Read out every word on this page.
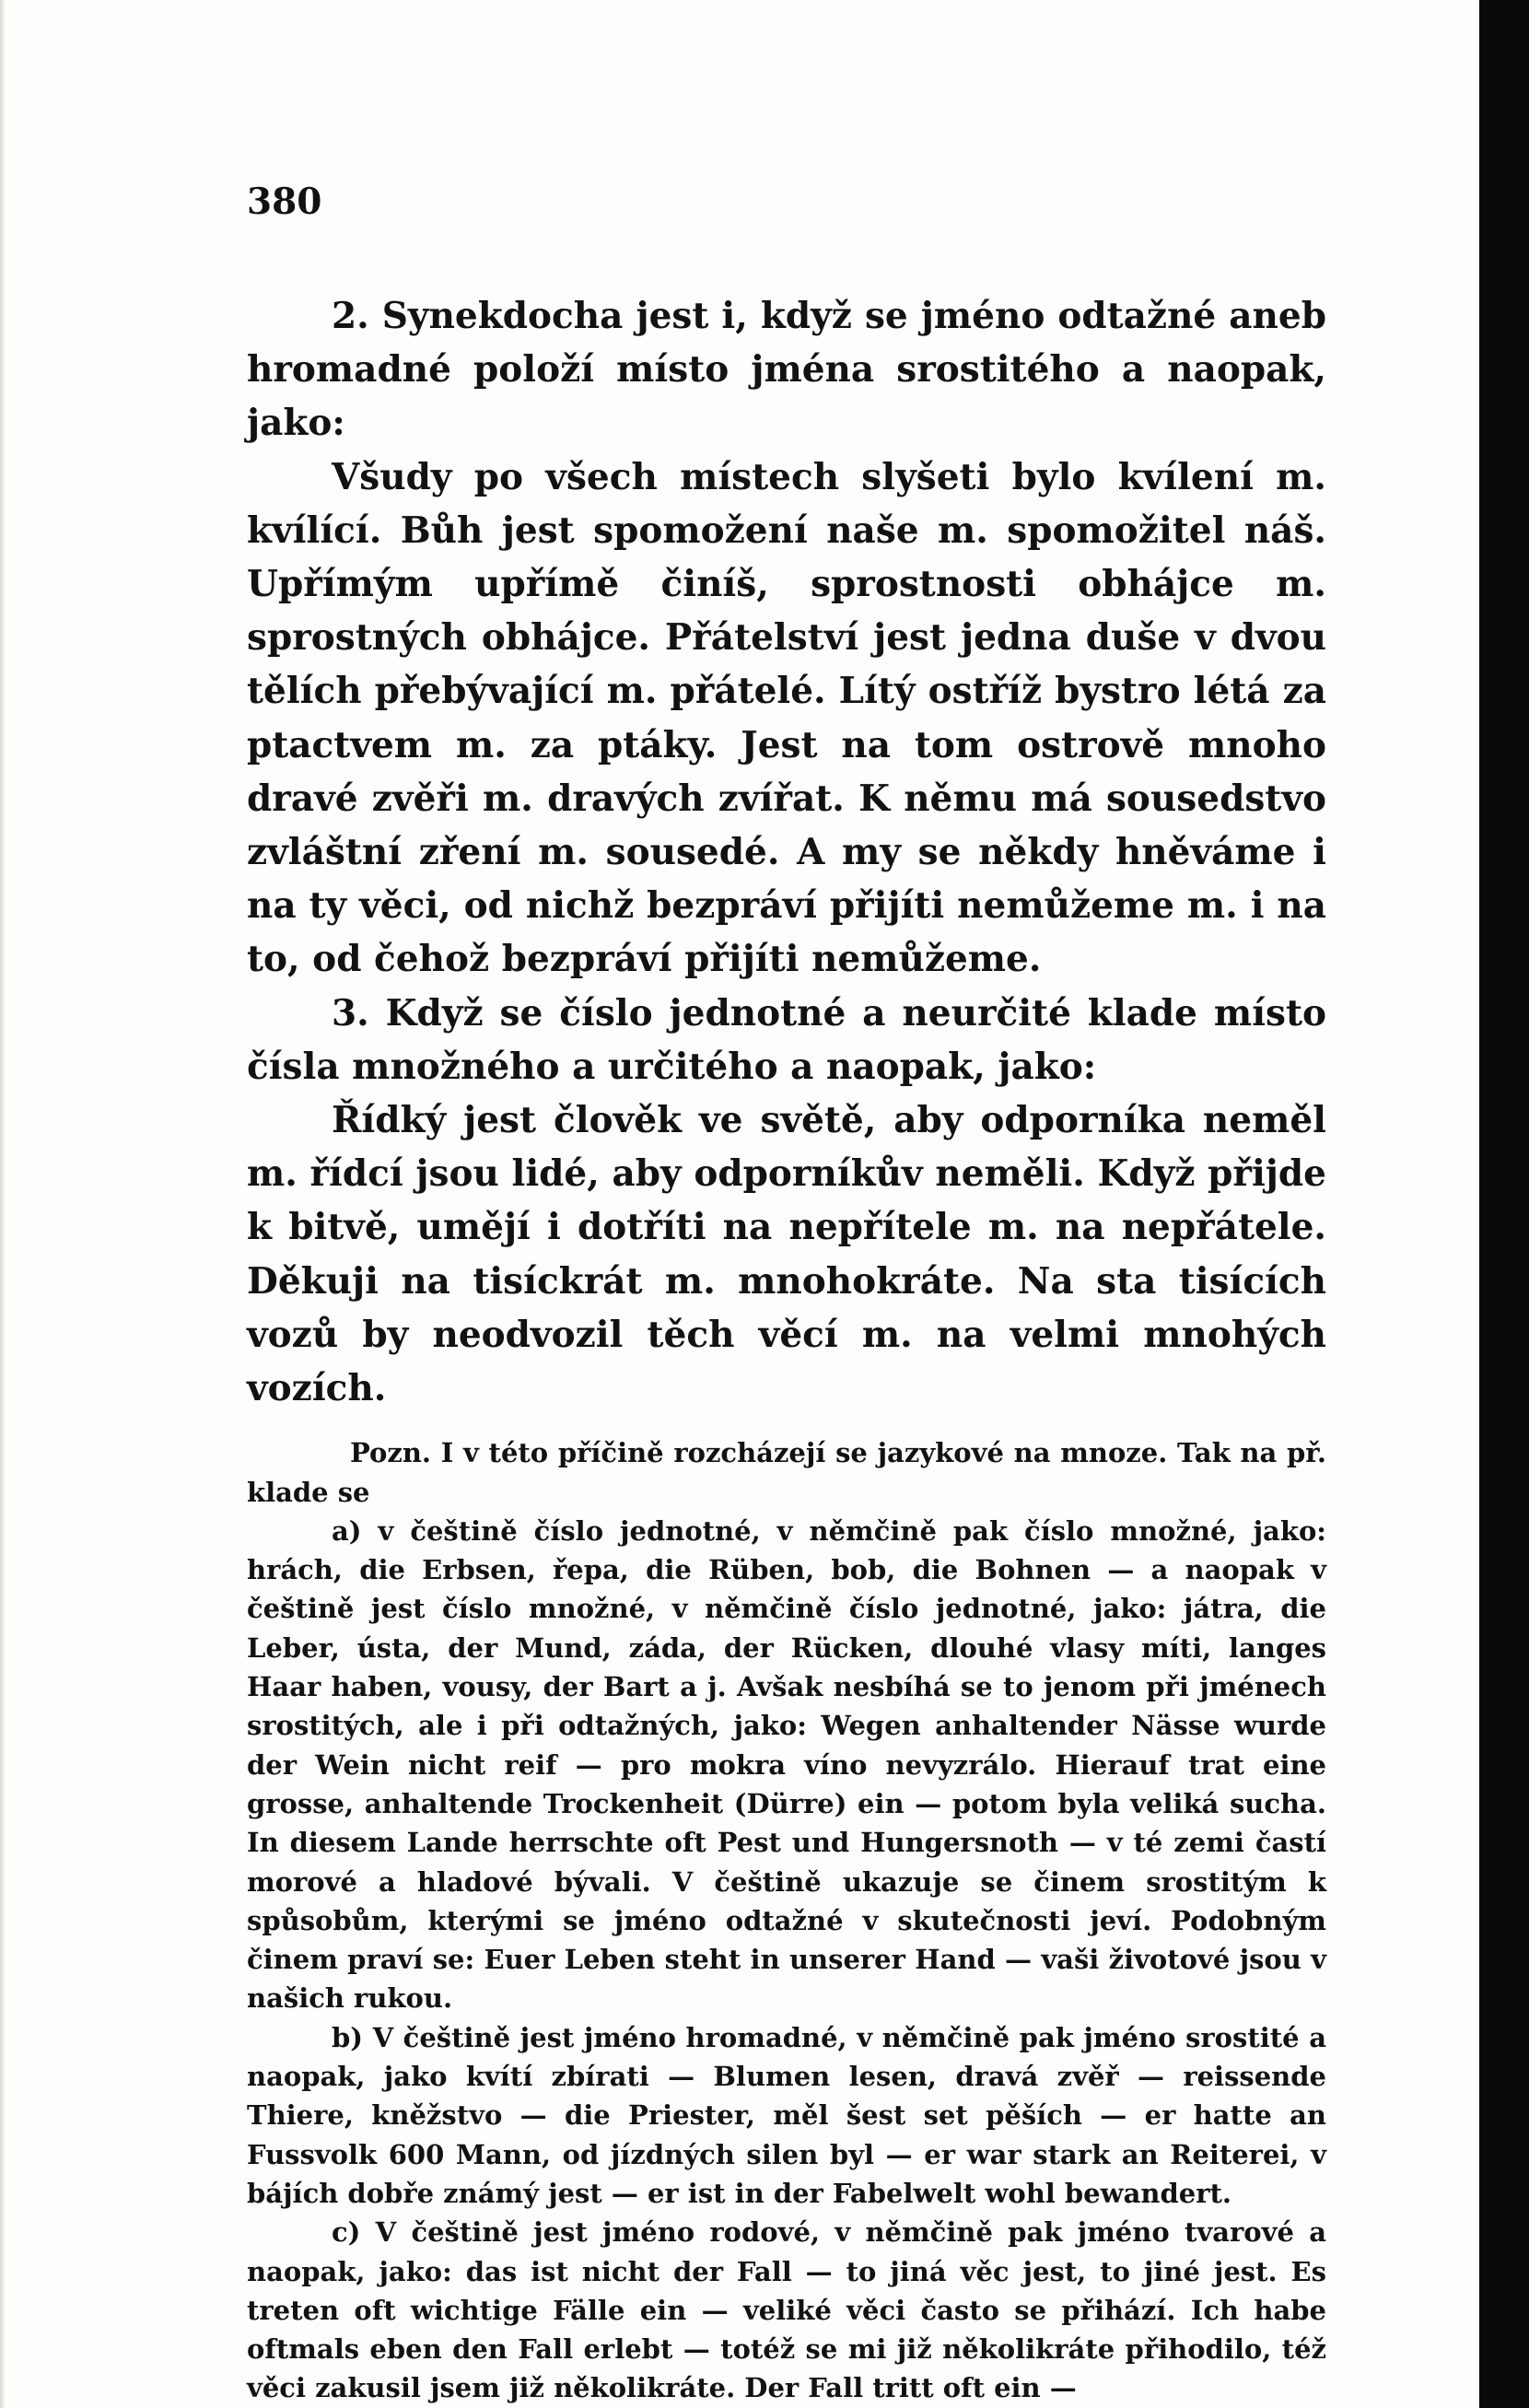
380

2. Synekdocha jest i, když se jméno odtažné aneb hromadné položí místo jména srostitého a naopak, jako:

Všudy po všech místech slyšeti bylo kvílení m. kvílící. Bůh jest spomožení naše m. spomožitel náš. Upřímým upřímě činíš, sprostnosti obhájce m. sprostných obhájce. Přátelství jest jedna duše v dvou tělích přebývající m. přátelé. Lítý ostříž bystro létá za ptactvem m. za ptáky. Jest na tom ostrově mnoho dravé zvěři m. dravých zvířat. K němu má sousedstvo zvláštní zření m. sousedé. A my se někdy hněváme i na ty věci, od nichž bezpráví přijíti nemůžeme m. i na to, od čehož bezpráví přijíti nemůžeme.

3. Když se číslo jednotné a neurčité klade místo čísla množného a určitého a naopak, jako:

Řídký jest člověk ve světě, aby odporníka neměl m. řídcí jsou lidé, aby odporníkův neměli. Když přijde k bitvě, umějí i dotříti na nepřítele m. na nepřátele. Děkuji na tisíckrát m. mnohokráte. Na sta tisících vozů by neodvozil těch věcí m. na velmi mnohých vozích.

Pozn. I v této příčině rozcházejí se jazykové na mnoze. Tak na př. klade se

a) v češtině číslo jednotné, v němčině pak číslo množné, jako: hrách, die Erbsen, řepa, die Rüben, bob, die Bohnen — a naopak v češtině jest číslo množné, v němčině číslo jednotné, jako: játra, die Leber, ústa, der Mund, záda, der Rücken, dlouhé vlasy míti, langes Haar haben, vousy, der Bart a j. Avšak nesbíhá se to jenom při jménech srostitých, ale i při odtažných, jako: Wegen anhaltender Nässe wurde der Wein nicht reif — pro mokra víno nevyzrálo. Hierauf trat eine grosse, anhaltende Trockenheit (Dürre) ein — potom byla veliká sucha. In diesem Lande herrschte oft Pest und Hungersnoth — v té zemi častí morové a hladové bývali. V češtině ukazuje se činem srostitým k spůsobům, kterými se jméno odtažné v skutečnosti jeví. Podobným činem praví se: Euer Leben steht in unserer Hand — vaši životové jsou v našich rukou.

b) V češtině jest jméno hromadné, v němčině pak jméno srostité a naopak, jako kvítí zbírati — Blumen lesen, dravá zvěř — reissende Thiere, kněžstvo — die Priester, měl šest set pěších — er hatte an Fussvolk 600 Mann, od jízdných silen byl — er war stark an Reiterei, v bájích dobře známý jest — er ist in der Fabelwelt wohl bewandert.

c) V češtině jest jméno rodové, v němčině pak jméno tvarové a naopak, jako: das ist nicht der Fall — to jiná věc jest, to jiné jest. Es treten oft wichtige Fälle ein — veliké věci často se přihází. Ich habe oftmals eben den Fall erlebt — totéž se mi již několikráte přihodilo, též věci zakusil jsem již několikráte. Der Fall tritt oft ein —
